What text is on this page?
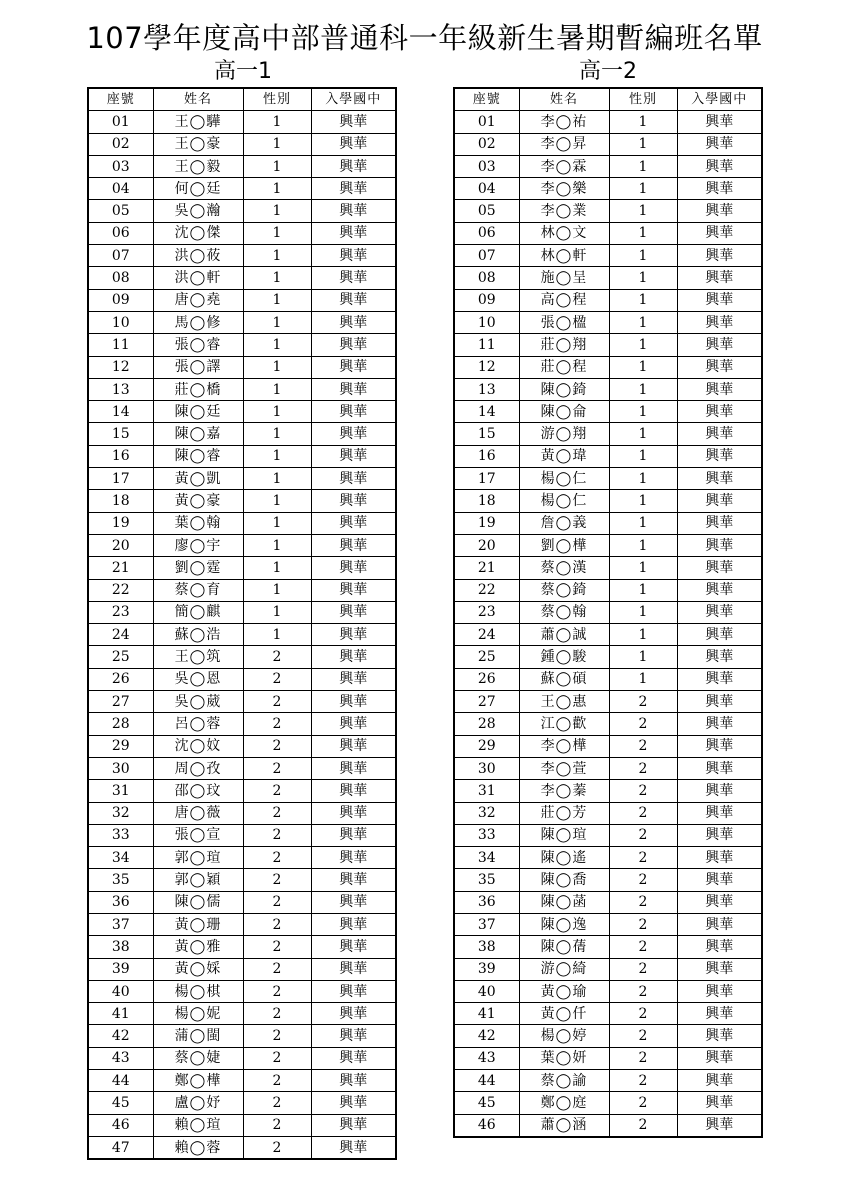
107學年度高中部普通科一年級新生暑期暫編班名單
高一1	高一2
座號	姓名	性別	入學國中
01	王◯驊	1	興華
02	王◯豪	1	興華
03	王◯毅	1	興華
04	何◯廷	1	興華
05	吳◯瀚	1	興華
06	沈◯傑	1	興華
07	洪◯莜	1	興華
08	洪◯軒	1	興華
09	唐◯堯	1	興華
10	馬◯修	1	興華
11	張◯睿	1	興華
12	張◯譯	1	興華
13	莊◯橋	1	興華
14	陳◯廷	1	興華
15	陳◯嘉	1	興華
16	陳◯睿	1	興華
17	黃◯凱	1	興華
18	黃◯豪	1	興華
19	葉◯翰	1	興華
20	廖◯宇	1	興華
21	劉◯霆	1	興華
22	蔡◯育	1	興華
23	簡◯麒	1	興華
24	蘇◯浩	1	興華
25	王◯筑	2	興華
26	吳◯恩	2	興華
27	吳◯葳	2	興華
28	呂◯蓉	2	興華
29	沈◯妏	2	興華
30	周◯孜	2	興華
31	邵◯玟	2	興華
32	唐◯薇	2	興華
33	張◯宣	2	興華
34	郭◯瑄	2	興華
35	郭◯穎	2	興華
36	陳◯儒	2	興華
37	黃◯珊	2	興華
38	黃◯雅	2	興華
39	黃◯婇	2	興華
40	楊◯棋	2	興華
41	楊◯妮	2	興華
42	蒲◯閩	2	興華
43	蔡◯婕	2	興華
44	鄭◯樺	2	興華
45	盧◯妤	2	興華
46	賴◯瑄	2	興華
47	賴◯蓉	2	興華
座號	姓名	性別	入學國中
01	李◯祐	1	興華
02	李◯昇	1	興華
03	李◯霖	1	興華
04	李◯樂	1	興華
05	李◯業	1	興華
06	林◯文	1	興華
07	林◯軒	1	興華
08	施◯呈	1	興華
09	高◯程	1	興華
10	張◯楹	1	興華
11	莊◯翔	1	興華
12	莊◯程	1	興華
13	陳◯錡	1	興華
14	陳◯侖	1	興華
15	游◯翔	1	興華
16	黃◯瑋	1	興華
17	楊◯仁	1	興華
18	楊◯仁	1	興華
19	詹◯義	1	興華
20	劉◯樺	1	興華
21	蔡◯漢	1	興華
22	蔡◯錡	1	興華
23	蔡◯翰	1	興華
24	蕭◯誠	1	興華
25	鍾◯駿	1	興華
26	蘇◯碩	1	興華
27	王◯惠	2	興華
28	江◯歡	2	興華
29	李◯樺	2	興華
30	李◯萱	2	興華
31	李◯蓁	2	興華
32	莊◯芳	2	興華
33	陳◯瑄	2	興華
34	陳◯遙	2	興華
35	陳◯喬	2	興華
36	陳◯菡	2	興華
37	陳◯逸	2	興華
38	陳◯蒨	2	興華
39	游◯綺	2	興華
40	黃◯瑜	2	興華
41	黃◯仟	2	興華
42	楊◯婷	2	興華
43	葉◯妍	2	興華
44	蔡◯諭	2	興華
45	鄭◯庭	2	興華
46	蕭◯涵	2	興華
